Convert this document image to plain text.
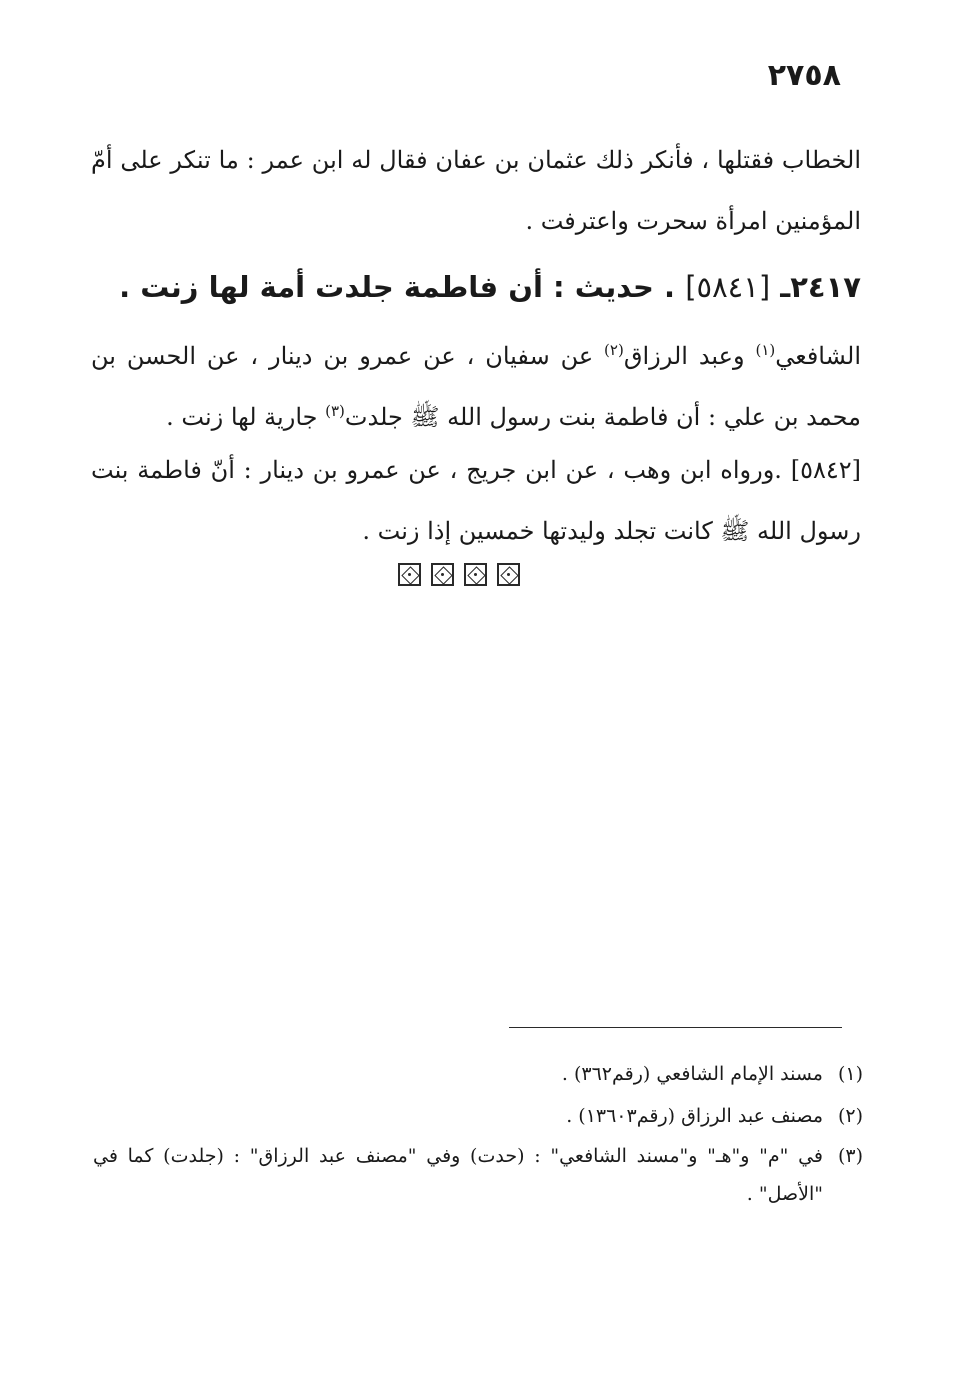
٢٧٥٨

الخطاب فقتلها ، فأنكر ذلك عثمان بن عفان فقال له ابن عمر : ما تنكر على أمّ المؤمنين امرأة سحرت واعترفت .

٢٤١٧ـ [٥٨٤١] . حديث : أن فاطمة جلدت أمة لها زنت .

الشافعي$^{(١)}$ وعبد الرزاق$^{(٢)}$ عن سفيان ، عن عمرو بن دينار ، عن الحسن بن محمد بن علي : أن فاطمة بنت رسول الله ﷺ جلدت$^{(٣)}$ جارية لها زنت .

[٥٨٤٢] .ورواه ابن وهب ، عن ابن جريج ، عن عمرو بن دينار : أنّ فاطمة بنت رسول الله ﷺ كانت تجلد وليدتها خمسين إذا زنت .

(١)
مسند الإمام الشافعي (رقم٣٦٢) .
(٢)
مصنف عبد الرزاق (رقم١٣٦٠٣) .
(٣)
في "م" و"هـ" و"مسند الشافعي" : (حدت) وفي "مصنف عبد الرزاق" : (جلدت) كما في "الأصل" .
